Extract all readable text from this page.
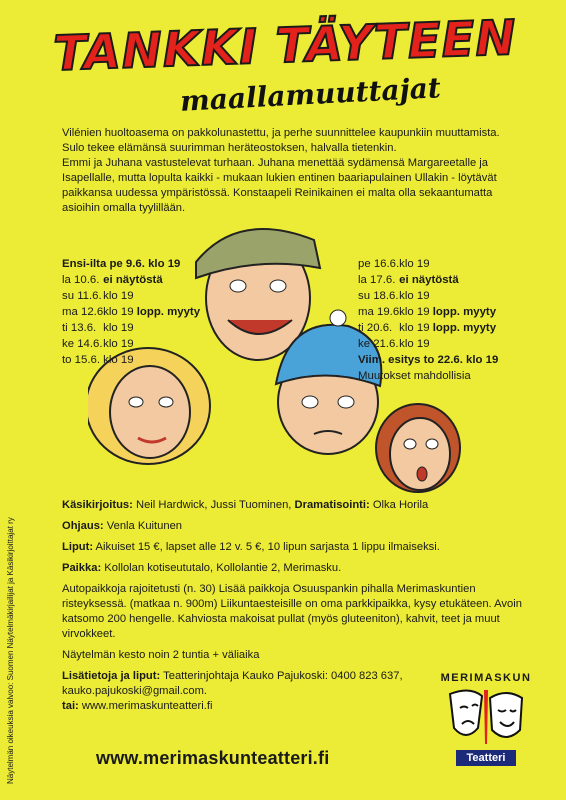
TANKKI TÄYTEEN
maallamuuttajat

Vilénien huoltoasema on pakkolunastettu, ja perhe suunnittelee kaupunkiin muuttamista. Sulo tekee elämänsä suurimman heräteostoksen, halvalla tietenkin.

Emmi ja Juhana vastustelevat turhaan. Juhana menettää sydämensä Margareetalle ja Isapellalle, mutta lopulta kaikki - mukaan lukien entinen baariapulainen Ullakin - löytävät paikkansa uudessa ympäristössä. Konstaapeli Reinikainen ei malta olla sekaantumatta asioihin omalla tyylillään.

Ensi-ilta pe 9.6. klo 19
la 10.6. ei näytöstä
su 11.6. klo 19
ma 12.6. klo 19 lopp. myyty
ti 13.6. klo 19
ke 14.6. klo 19
to 15.6. klo 19
pe 16.6. klo 19
la 17.6. ei näytöstä
su 18.6. klo 19
ma 19.6. klo 19 lopp. myyty
ti 20.6. klo 19 lopp. myyty
ke 21.6. klo 19
Viim. esitys to 22.6. klo 19
Muutokset mahdollisia

Käsikirjoitus: Neil Hardwick, Jussi Tuominen, Dramatisointi: Olka Horila

Ohjaus: Venla Kuitunen

Liput: Aikuiset 15 €, lapset alle 12 v. 5 €, 10 lipun sarjasta 1 lippu ilmaiseksi.

Paikka: Kollolan kotiseututalo, Kollolantie 2, Merimasku.

Autopaikkoja rajoitetusti (n. 30) Lisää paikkoja Osuuspankin pihalla Merimaskuntien risteyksessä. (matkaa n. 900m) Liikuntaesteisille on oma parkkipaikka, kysy etukäteen. Avoin katsomo 200 hengelle. Kahviosta makoisat pullat (myös gluteeniton), kahvit, teet ja muut virvokkeet.

Näytelmän kesto noin 2 tuntia + väliaika

Lisätietoja ja liput: Teatterinjohtaja Kauko Pajukoski: 0400 823 637,

kauko.pajukoski@gmail.com.

tai: www.merimaskunteatteri.fi

www.merimaskunteatteri.fi
Näytelmän oikeuksia valvoo: Suomen Näytelmäkirjailijat ja Käsikirjoittajat ry	MERIMASKUN
Teatteri
